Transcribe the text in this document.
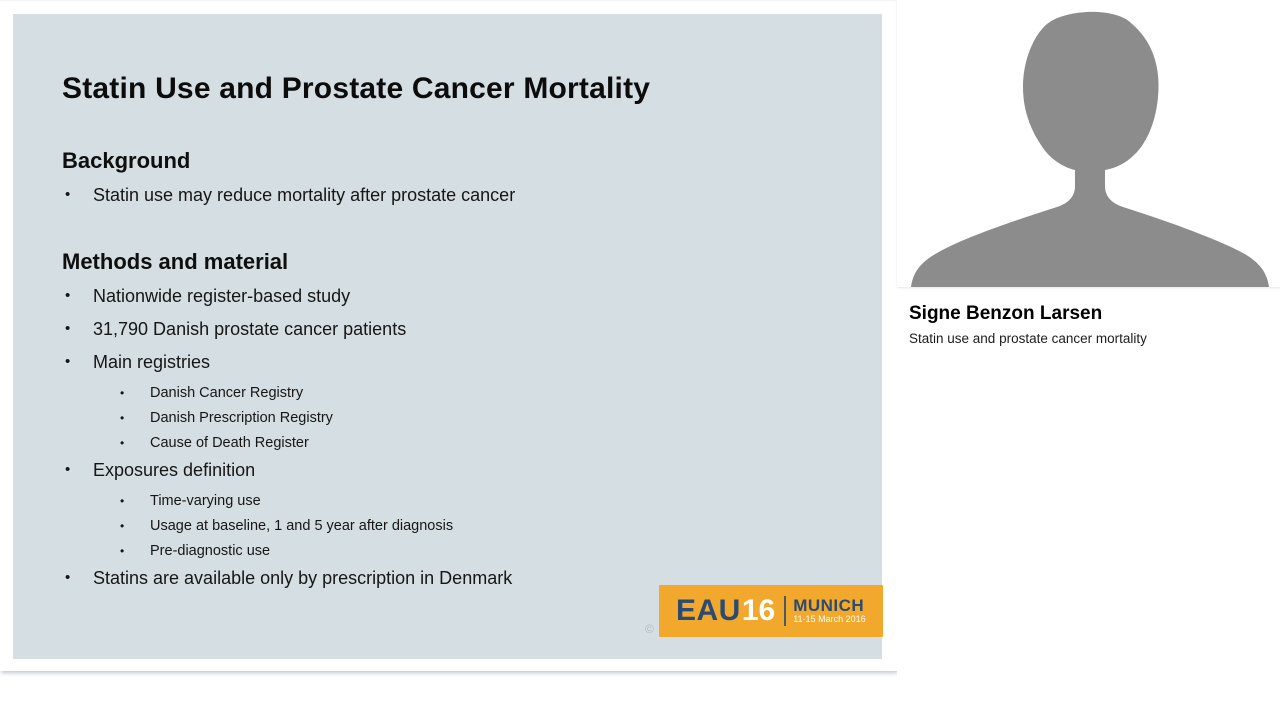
Statin Use and Prostate Cancer Mortality
Background
• Statin use may reduce mortality after prostate cancer
Methods and material
• Nationwide register-based study
• 31,790 Danish prostate cancer patients
• Main registries
• Danish Cancer Registry
• Danish Prescription Registry
• Cause of Death Register
• Exposures definition
• Time-varying use
• Usage at baseline, 1 and 5 year after diagnosis
• Pre-diagnostic use
• Statins are available only by prescription in Denmark
©
EAU 16 MUNICH
11-15 March 2016
Signe Benzon Larsen
Statin use and prostate cancer mortality
